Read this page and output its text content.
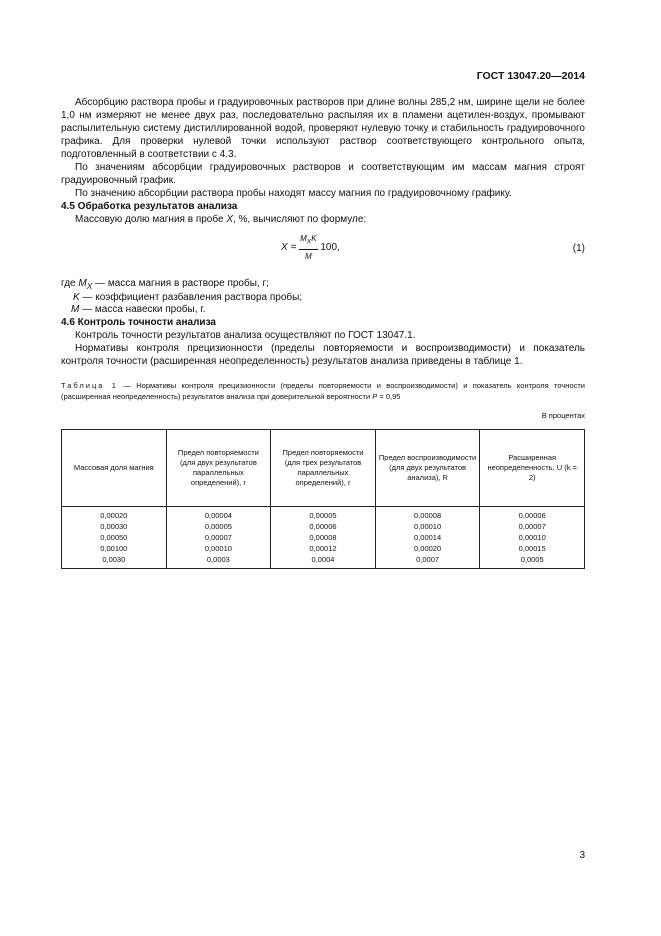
ГОСТ 13047.20—2014

Абсорбцию раствора пробы и градуировочных растворов при длине волны 285,2 нм, ширине щели не более 1,0 нм измеряют не менее двух раз, последовательно распыляя их в пламени ацетилен-воздух, промывают распылительную систему дистиллированной водой, проверяют нулевую точку и стабильность градуировочного графика. Для проверки нулевой точки используют раствор соответствующего контрольного опыта, подготовленный в соответствии с 4.3.

По значениям абсорбции градуировочных растворов и соответствующим им массам магния строят градуировочный график.

По значению абсорбции раствора пробы находят массу магния по градуировочному графику.

4.5 Обработка результатов анализа

Массовую долю магния в пробе X, %, вычисляют по формуле:

$X = \frac{M_XK}{M} 100$,	(1)
где $M_X$ — масса магния в растворе пробы, г;
K — коэффициент разбавления раствора пробы;
M — масса навески пробы, г.

4.6 Контроль точности анализа

Контроль точности результатов анализа осуществляют по ГОСТ 13047.1.

Нормативы контроля прецизионности (пределы повторяемости и воспроизводимости) и показатель контроля точности (расширенная неопределенность) результатов анализа приведены в таблице 1.

Таблица 1 — Нормативы контроля прецизионности (пределы повторяемости и воспроизводимости) и показатель контроля точности (расширенная неопределенность) результатов анализа при доверительной вероятности P = 0,95
В процентах
Массовая доля магния	Предел повторяемости (для двух результатов параллельных определений), r	Предел повторяемости (для трех результатов параллельных определений), r	Предел воспроизводимости (для двух результатов анализа), R	Расширенная неопределенность, U (k = 2)
0,00020	0,00004	0,00005	0,00008	0,00006
0,00030	0,00005	0,00006	0,00010	0,00007
0,00050	0,00007	0,00008	0,00014	0,00010
0,00100	0,00010	0,00012	0,00020	0,00015
0,0030	0,0003	0,0004	0,0007	0,0005
3
